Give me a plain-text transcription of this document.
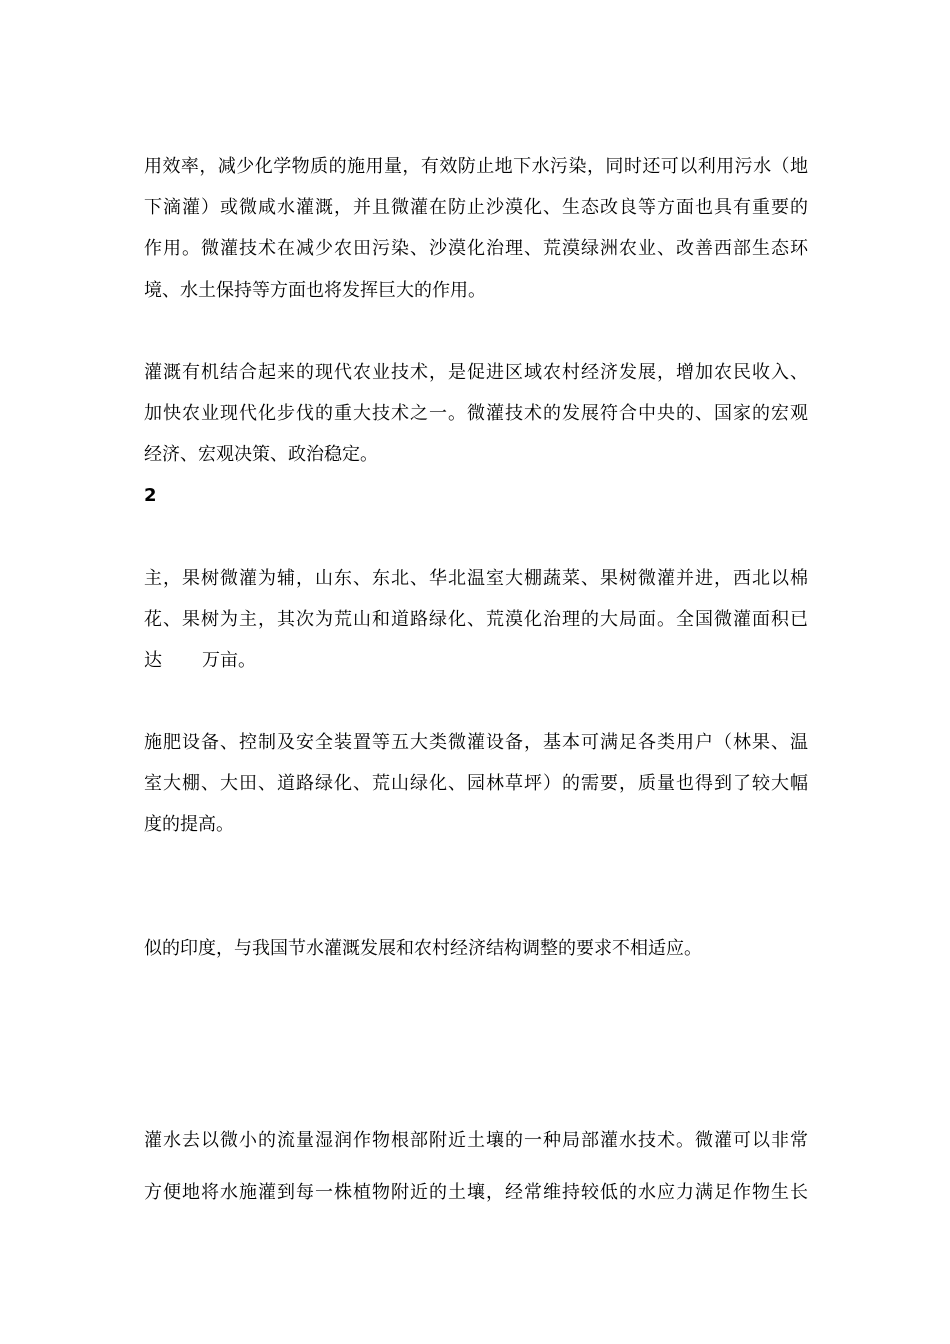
用效率，减少化学物质的施用量，有效防止地下水污染，同时还可以利用污水（地
下滴灌）或微咸水灌溉，并且微灌在防止沙漠化、生态改良等方面也具有重要的
作用。微灌技术在减少农田污染、沙漠化治理、荒漠绿洲农业、改善西部生态环
境、水土保持等方面也将发挥巨大的作用。
灌溉有机结合起来的现代农业技术，是促进区域农村经济发展，增加农民收入、
加快农业现代化步伐的重大技术之一。微灌技术的发展符合中央的、国家的宏观
经济、宏观决策、政治稳定。
2
主，果树微灌为辅，山东、东北、华北温室大棚蔬菜、果树微灌并进，西北以棉
花、果树为主，其次为荒山和道路绿化、荒漠化治理的大局面。全国微灌面积已
达 万亩。
施肥设备、控制及安全装置等五大类微灌设备，基本可满足各类用户（林果、温
室大棚、大田、道路绿化、荒山绿化、园林草坪）的需要，质量也得到了较大幅
度的提高。
似的印度，与我国节水灌溉发展和农村经济结构调整的要求不相适应。
灌水去以微小的流量湿润作物根部附近土壤的一种局部灌水技术。微灌可以非常
方便地将水施灌到每一株植物附近的土壤，经常维持较低的水应力满足作物生长
